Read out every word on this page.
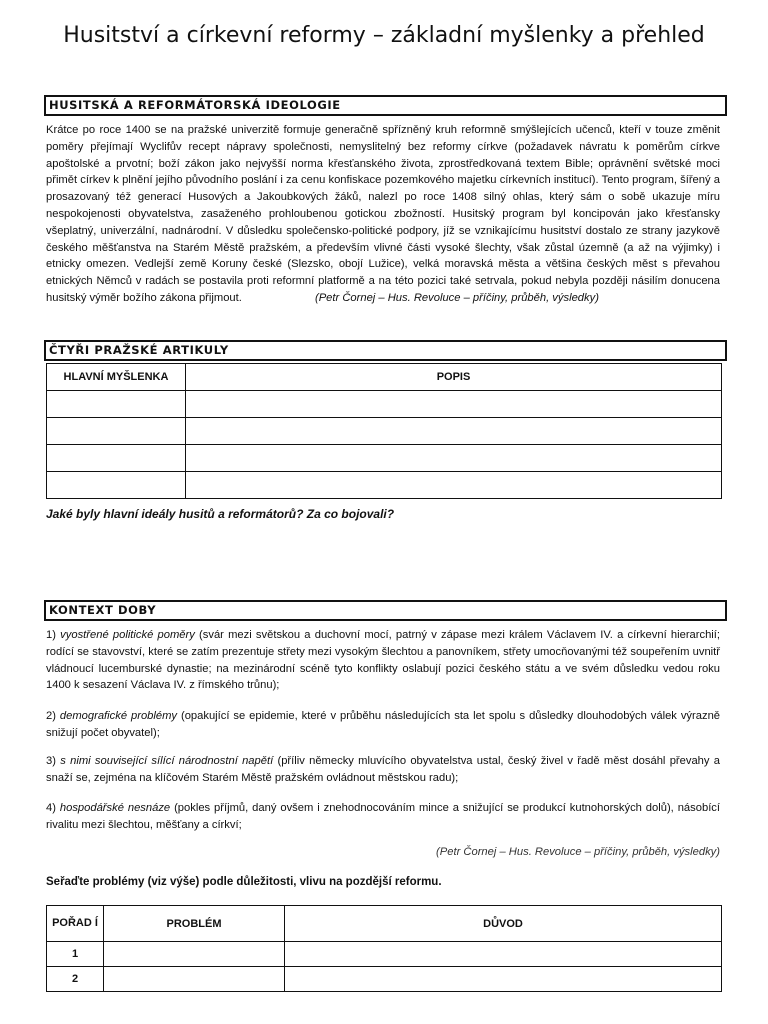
Husitství a církevní reformy – základní myšlenky a přehled
HUSITSKÁ A REFORMÁTORSKÁ IDEOLOGIE
Krátce po roce 1400 se na pražské univerzitě formuje generačně spřízněný kruh reformně smýšlejících učenců, kteří v touze změnit poměry přejímají Wyclifův recept nápravy společnosti, nemyslitelný bez reformy církve (požadavek návratu k poměrům církve apoštolské a prvotní; boží zákon jako nejvyšší norma křesťanského života, zprostředkovaná textem Bible; oprávnění světské moci přimět církev k plnění jejího původního poslání i za cenu konfiskace pozemkového majetku církevních institucí). Tento program, šířený a prosazovaný též generací Husových a Jakoubkových žáků, nalezl po roce 1408 silný ohlas, který sám o sobě ukazuje míru nespokojenosti obyvatelstva, zasaženého prohloubenou gotickou zbožností. Husitský program byl koncipován jako křesťansky všeplatný, univerzální, nadnárodní. V důsledku společensko-politické podpory, jíž se vznikajícímu husitství dostalo ze strany jazykově českého měšťanstva na Starém Městě pražském, a především vlivné části vysoké šlechty, však zůstal územně (a až na výjimky) i etnicky omezen. Vedlejší země Koruny české (Slezsko, obojí Lužice), velká moravská města a většina českých měst s převahou etnických Němců v radách se postavila proti reformní platformě a na této pozici také setrvala, pokud nebyla později násilím donucena husitský výměr božího zákona přijmout.	(Petr Čornej – Hus. Revoluce – příčiny, průběh, výsledky)
ČTYŘI PRAŽSKÉ ARTIKULY
HLAVNÍ MYŠLENKA	POPIS

Jaké byly hlavní ideály husitů a reformátorů? Za co bojovali?
KONTEXT DOBY
1) vyostřené politické poměry (svár mezi světskou a duchovní mocí, patrný v zápase mezi králem Václavem IV. a církevní hierarchií; rodící se stavovství, které se zatím prezentuje střety mezi vysokým šlechtou a panovníkem, střety umocňovanými též soupeřením uvnitř vládnoucí lucemburské dynastie; na mezinárodní scéně tyto konflikty oslabují pozici českého státu a ve svém důsledku vedou roku 1400 k sesazení Václava IV. z římského trůnu);
2) demografické problémy (opakující se epidemie, které v průběhu následujících sta let spolu s důsledky dlouhodobých válek výrazně snižují počet obyvatel);
3) s nimi související sílící národnostní napětí (příliv německy mluvícího obyvatelstva ustal, český živel v řadě měst dosáhl převahy a snaží se, zejména na klíčovém Starém Městě pražském ovládnout městskou radu);
4) hospodářské nesnáze (pokles příjmů, daný ovšem i znehodnocováním mince a snižující se produkcí kutnohorských dolů), násobící rivalitu mezi šlechtou, měšťany a církví;
(Petr Čornej – Hus. Revoluce – příčiny, průběh, výsledky)
Seřaďte problémy (viz výše) podle důležitosti, vlivu na pozdější reformu.
POŘAD Í	PROBLÉM	DŮVOD
1		
2		
